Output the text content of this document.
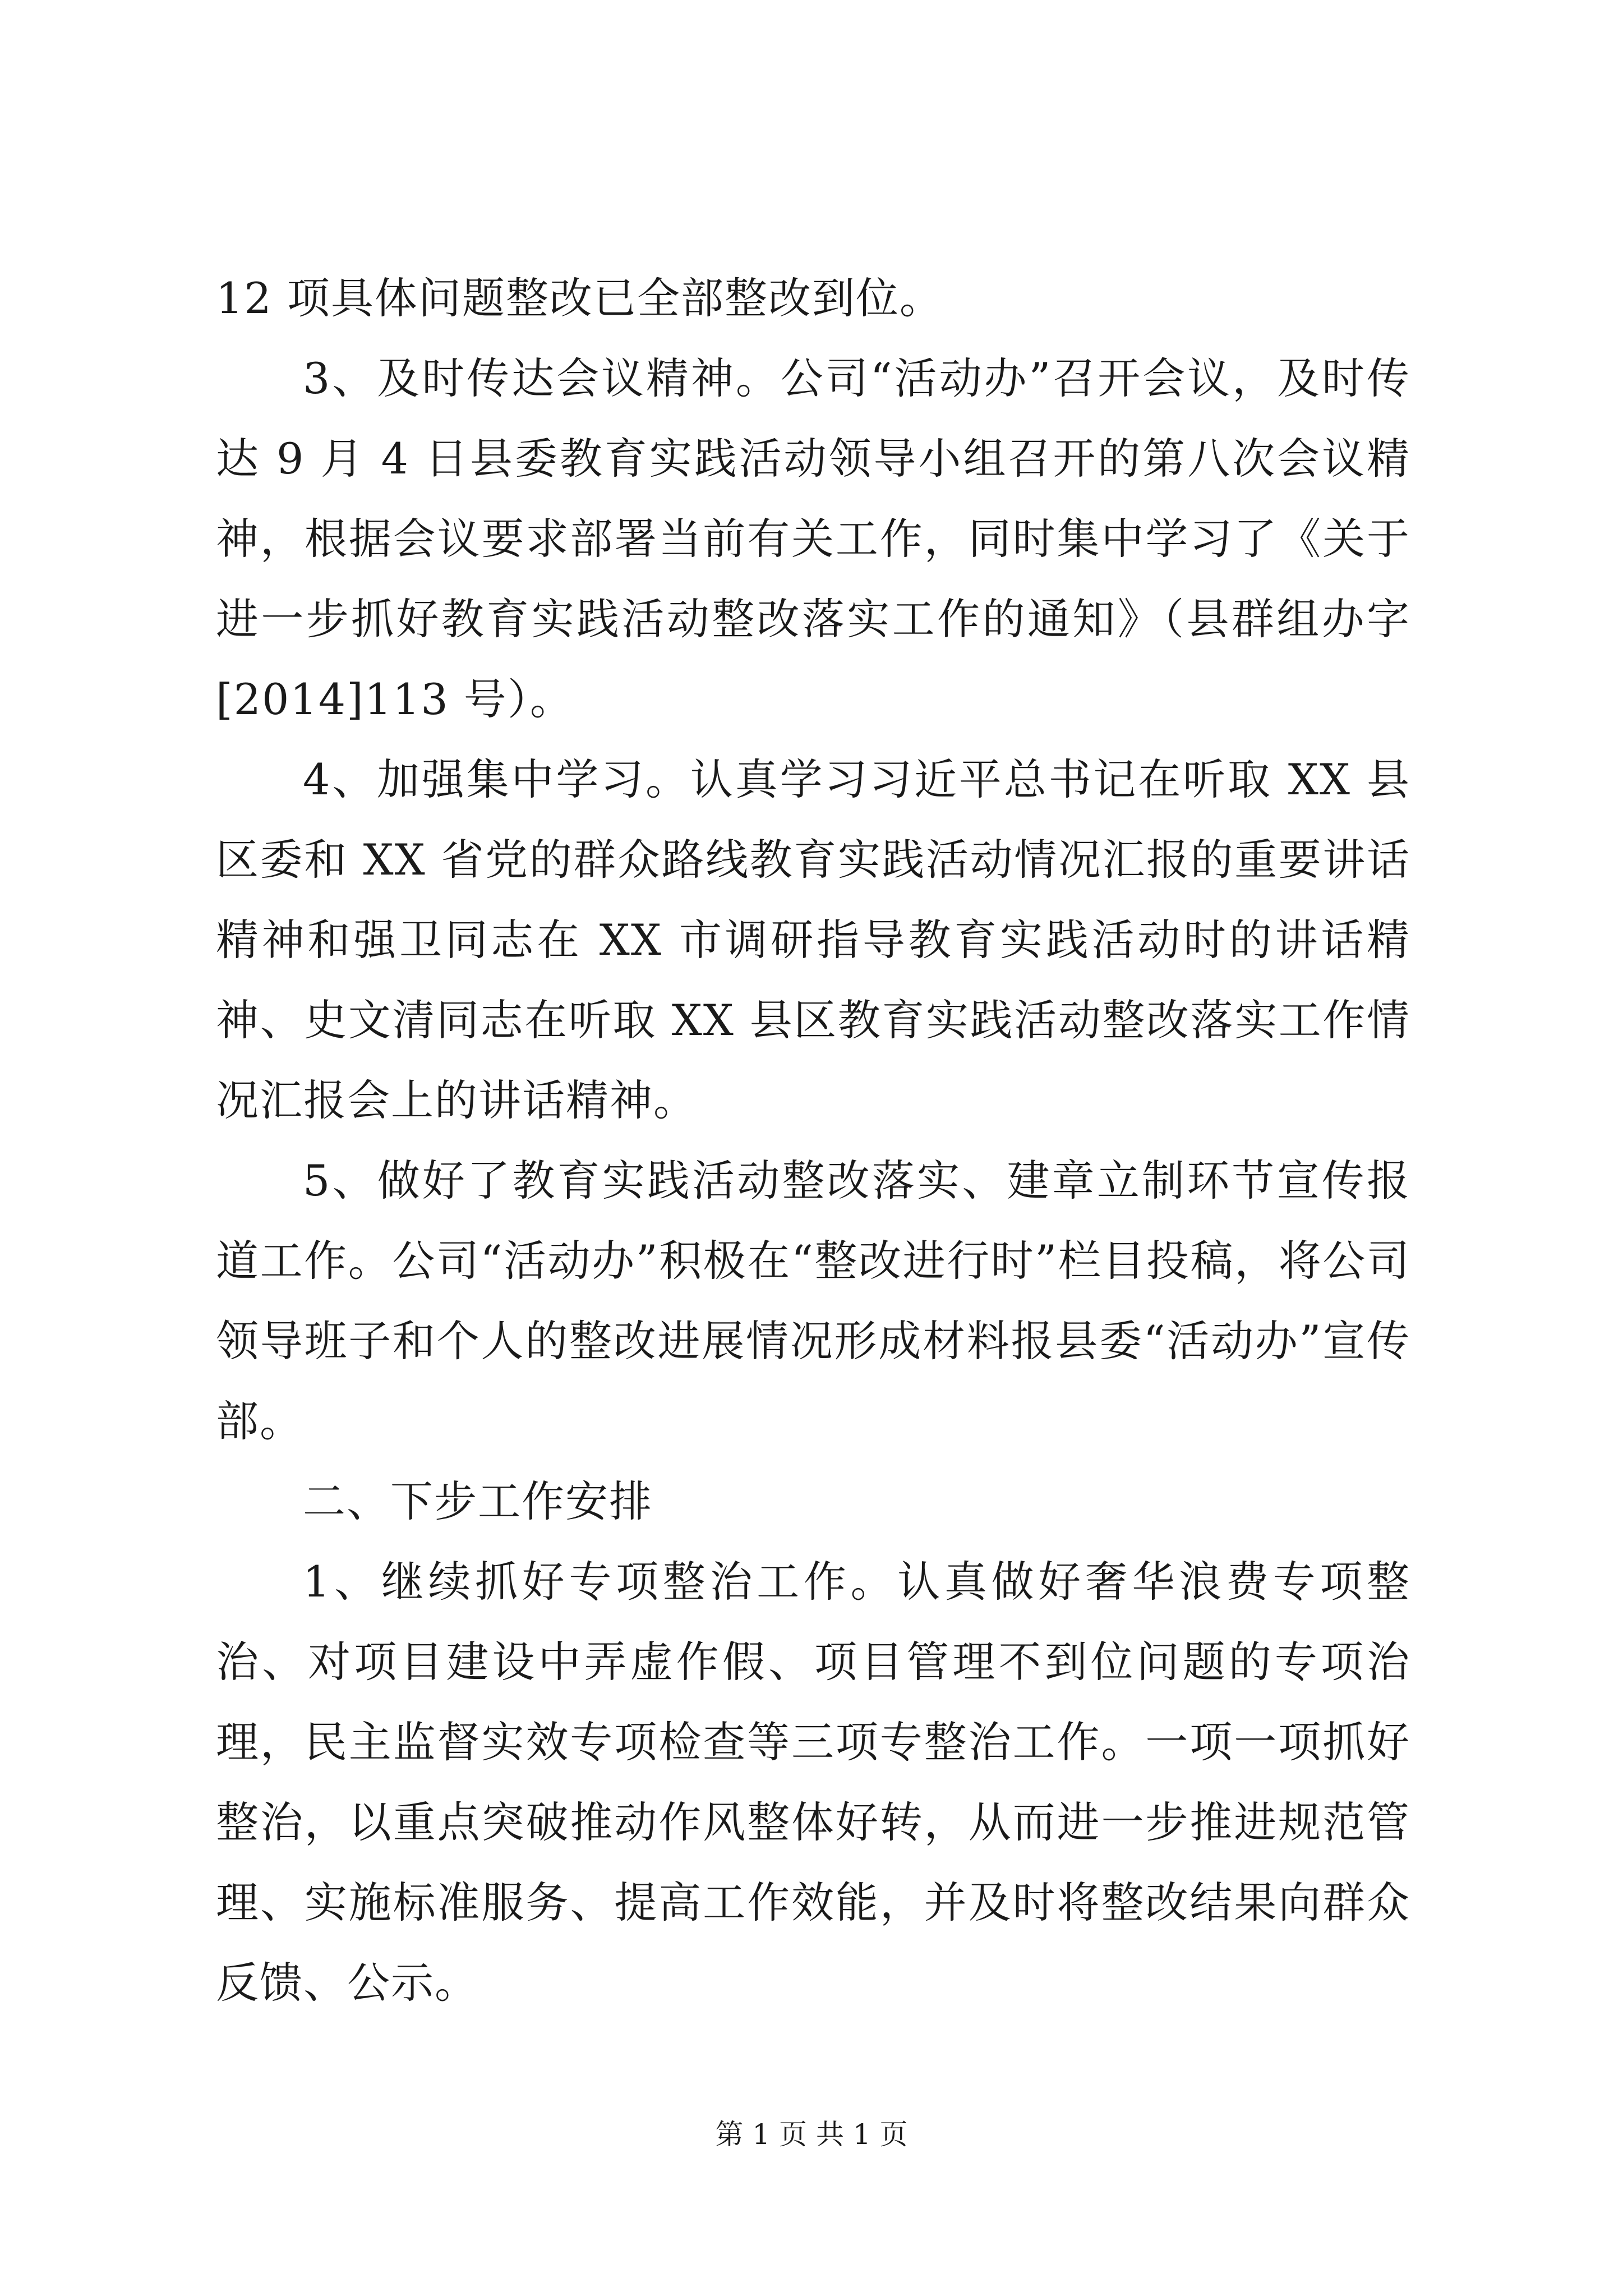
12 项具体问题整改已全部整改到位。

3、及时传达会议精神。公司“活动办”召开会议，及时传达 9 月 4 日县委教育实践活动领导小组召开的第八次会议精神，根据会议要求部署当前有关工作，同时集中学习了《关于进一步抓好教育实践活动整改落实工作的通知》（县群组办字[2014]113 号）。

4、加强集中学习。认真学习习近平总书记在听取 XX 县区委和 XX 省党的群众路线教育实践活动情况汇报的重要讲话精神和强卫同志在 XX 市调研指导教育实践活动时的讲话精神、史文清同志在听取 XX 县区教育实践活动整改落实工作情况汇报会上的讲话精神。

5、做好了教育实践活动整改落实、建章立制环节宣传报道工作。公司“活动办”积极在“整改进行时”栏目投稿，将公司领导班子和个人的整改进展情况形成材料报县委“活动办”宣传部。

二、下步工作安排

1、继续抓好专项整治工作。认真做好奢华浪费专项整治、对项目建设中弄虚作假、项目管理不到位问题的专项治理，民主监督实效专项检查等三项专整治工作。一项一项抓好整治，以重点突破推动作风整体好转，从而进一步推进规范管理、实施标准服务、提高工作效能，并及时将整改结果向群众反馈、公示。

第 1 页 共 1 页
